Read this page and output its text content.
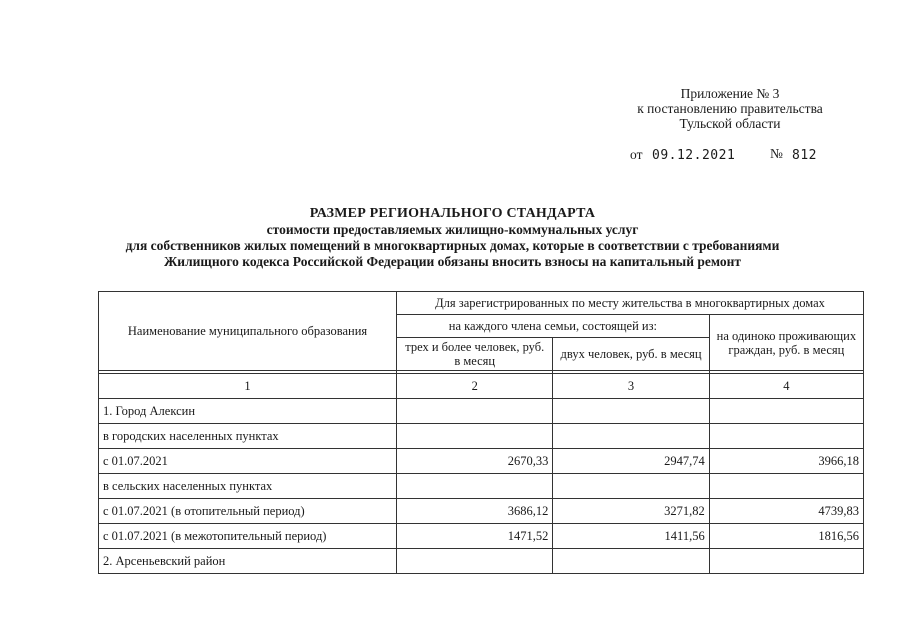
Приложение № 3
к постановлению правительства
Тульской области
от 09.12.2021	№ 812
РАЗМЕР РЕГИОНАЛЬНОГО СТАНДАРТА
стоимости предоставляемых жилищно-коммунальных услуг
для собственников жилых помещений в многоквартирных домах, которые в соответствии с требованиями
Жилищного кодекса Российской Федерации обязаны вносить взносы на капитальный ремонт
Наименование муниципального образования	Для зарегистрированных по месту жительства в многоквартирных домах		
	на каждого члена семьи, состоящей из:		на одиноко проживающих граждан, руб. в месяц
	трех и более человек, руб. в месяц	двух человек, руб. в месяц	

1	2	3	4
1. Город Алексин			
в городских населенных пунктах			
с 01.07.2021	2670,33	2947,74	3966,18
в сельских населенных пунктах			
с 01.07.2021 (в отопительный период)	3686,12	3271,82	4739,83
с 01.07.2021 (в межотопительный период)	1471,52	1411,56	1816,56
2. Арсеньевский район			
